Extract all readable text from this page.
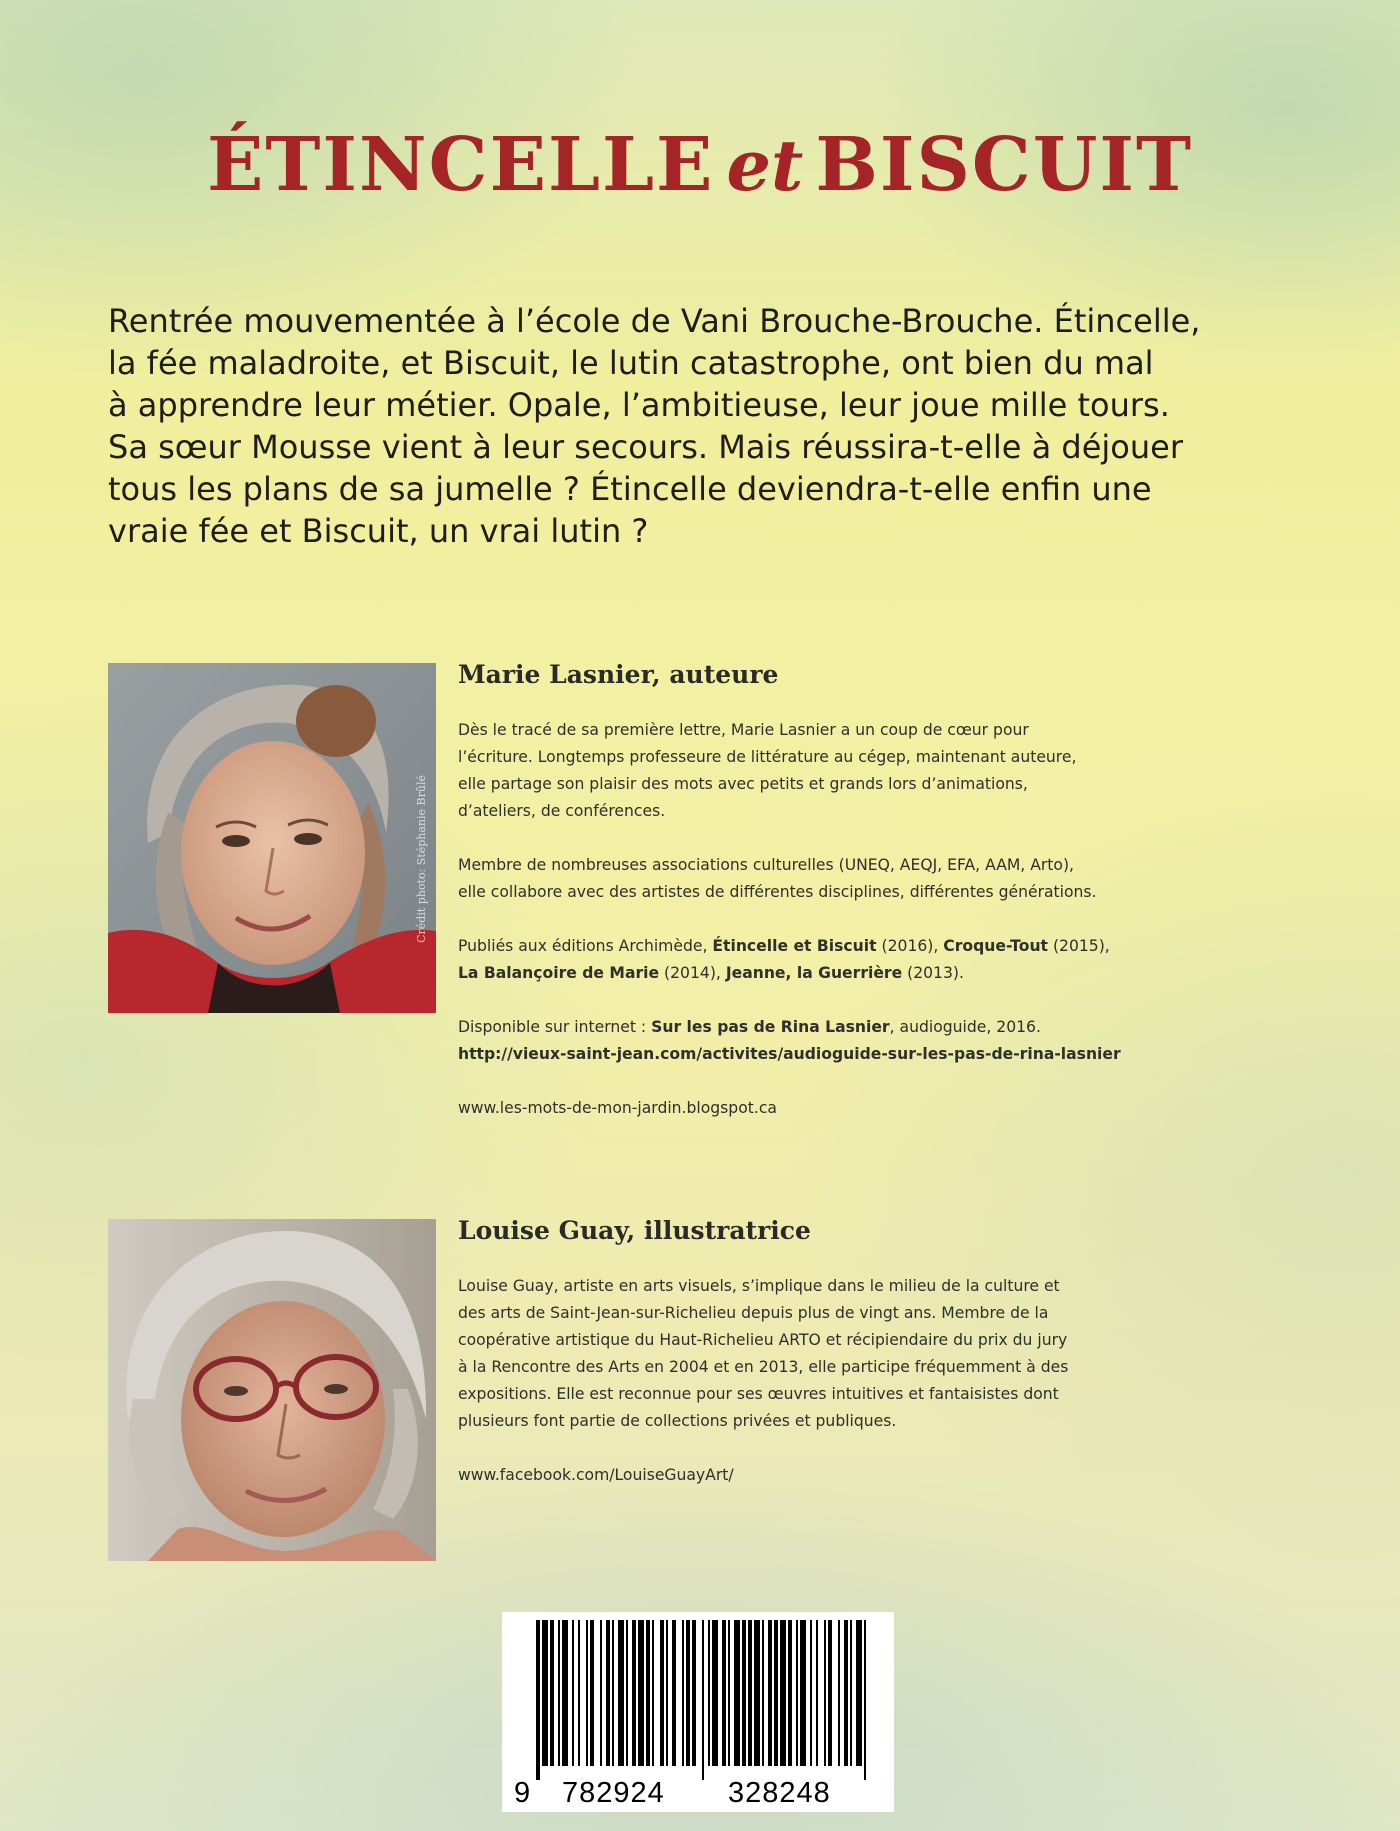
ÉTINCELLE et BISCUIT

Rentrée mouvementée à l’école de Vani Brouche-Brouche. Étincelle,
la fée maladroite, et Biscuit, le lutin catastrophe, ont bien du mal
à apprendre leur métier. Opale, l’ambitieuse, leur joue mille tours.
Sa sœur Mousse vient à leur secours. Mais réussira-t-elle à déjouer
tous les plans de sa jumelle ? Étincelle deviendra-t-elle enfin une
vraie fée et Biscuit, un vrai lutin ?

Crédit photo: Stéphanie Brûlé
Marie Lasnier, auteure

Dès le tracé de sa première lettre, Marie Lasnier a un coup de cœur pour
l’écriture. Longtemps professeure de littérature au cégep, maintenant auteure,
elle partage son plaisir des mots avec petits et grands lors d’animations,
d’ateliers, de conférences.

Membre de nombreuses associations culturelles (UNEQ, AEQJ, EFA, AAM, Arto),
elle collabore avec des artistes de différentes disciplines, différentes générations.

Publiés aux éditions Archimède, Étincelle et Biscuit (2016), Croque-Tout (2015),
La Balançoire de Marie (2014), Jeanne, la Guerrière (2013).

Disponible sur internet : Sur les pas de Rina Lasnier, audioguide, 2016.
http://vieux-saint-jean.com/activites/audioguide-sur-les-pas-de-rina-lasnier

www.les-mots-de-mon-jardin.blogspot.ca

Louise Guay, illustratrice

Louise Guay, artiste en arts visuels, s’implique dans le milieu de la culture et
des arts de Saint-Jean-sur-Richelieu depuis plus de vingt ans. Membre de la
coopérative artistique du Haut-Richelieu ARTO et récipiendaire du prix du jury
à la Rencontre des Arts en 2004 et en 2013, elle participe fréquemment à des
expositions. Elle est reconnue pour ses œuvres intuitives et fantaisistes dont
plusieurs font partie de collections privées et publiques.

www.facebook.com/LouiseGuayArt/

9 782924 328248
